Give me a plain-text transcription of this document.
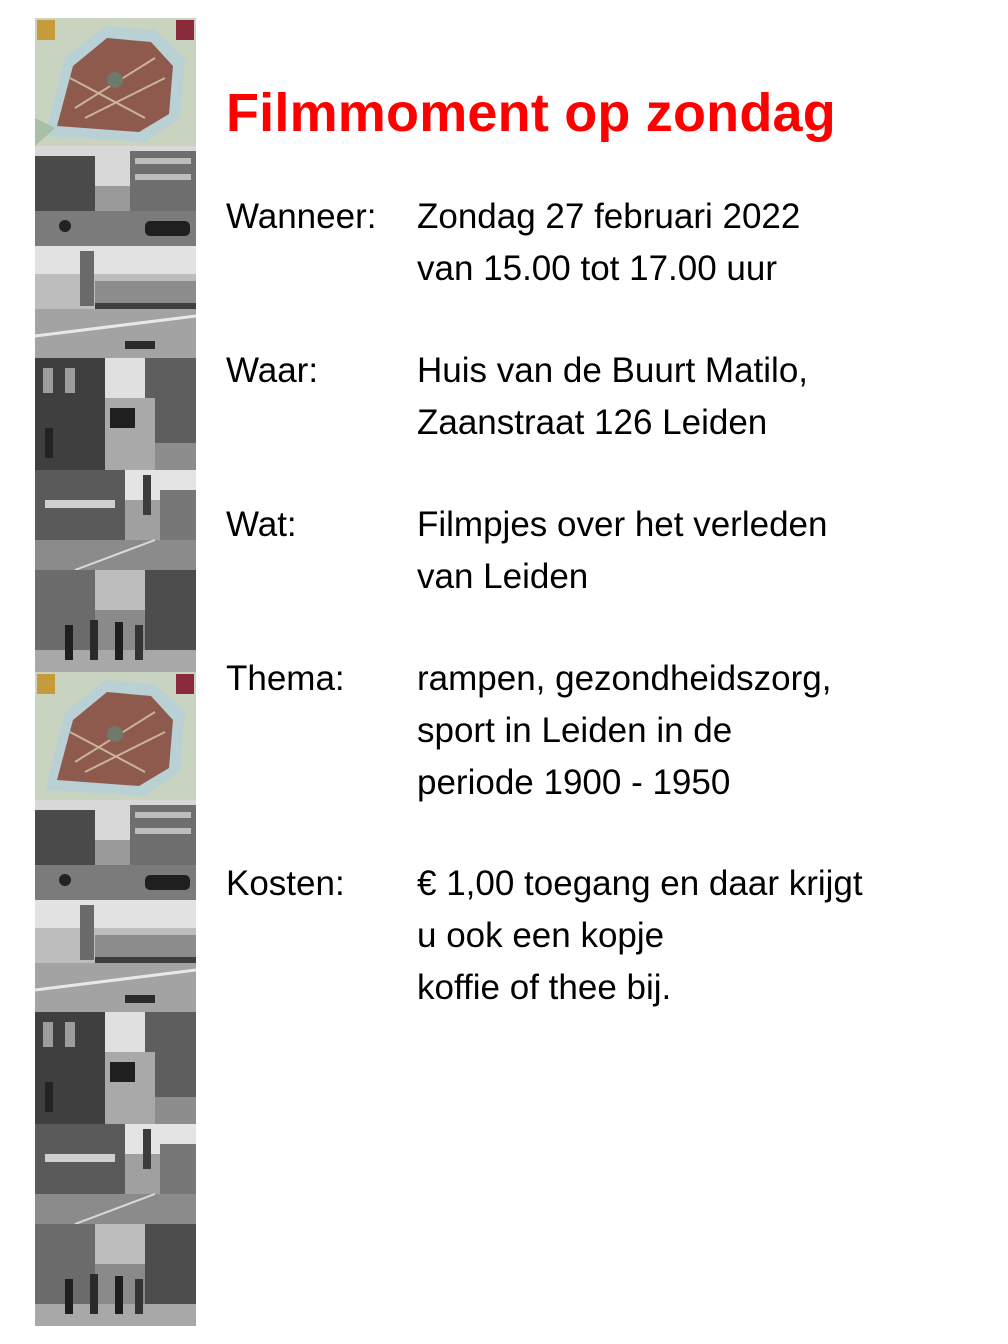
Filmmoment op zondag
Wanneer: Zondag 27 februari 2022
van 15.00 tot 17.00 uur
Waar:	Huis van de Buurt Matilo,
Zaanstraat 126 Leiden
Wat:	Filmpjes over het verleden
van Leiden
Thema: rampen, gezondheidszorg,
sport in Leiden in de
periode 1900 - 1950
Kosten: € 1,00 toegang en daar krijgt
u ook een kopje
koffie of thee bij.
